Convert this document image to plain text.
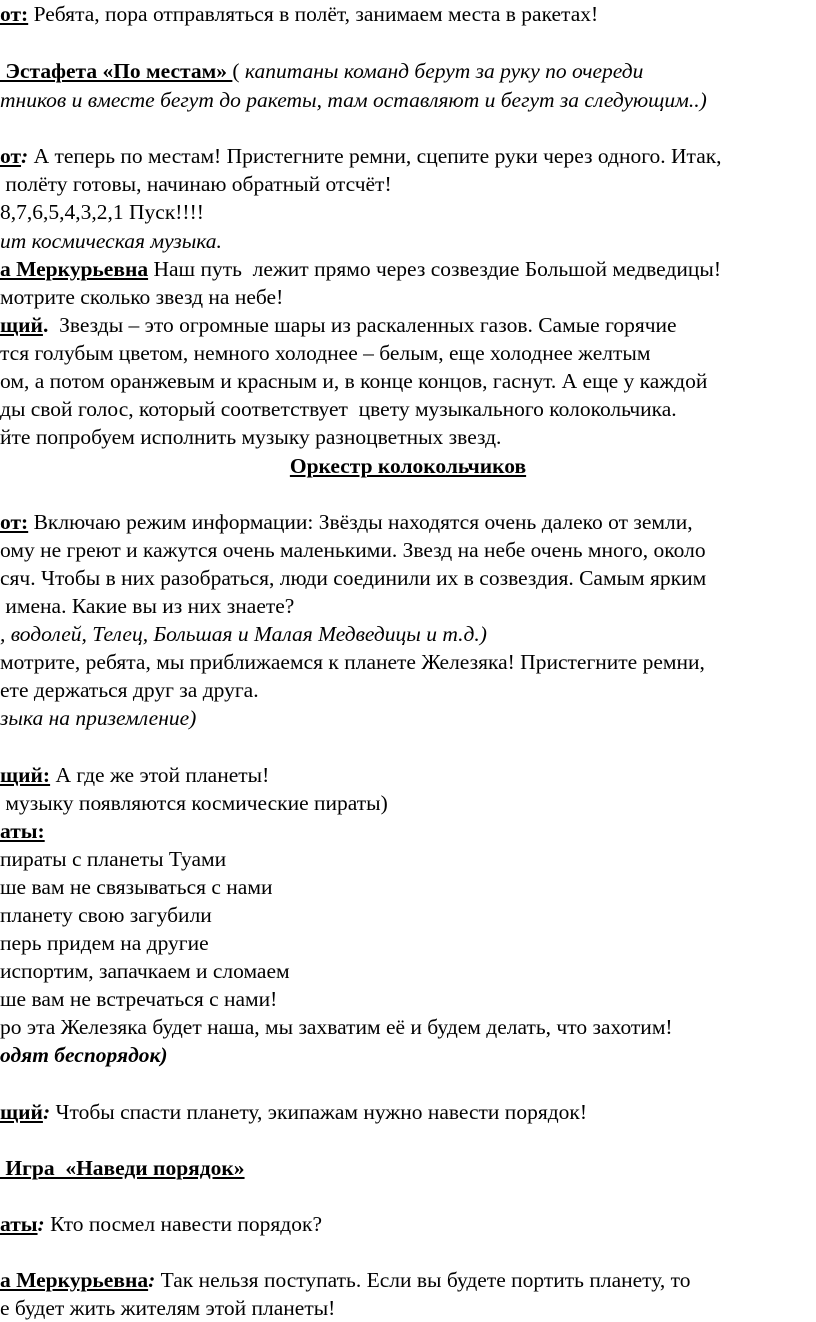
от: Ребята, пора отправляться в полёт, занимаем места в ракетах!
Эстафета «По местам» ( капитаны команд берут за руку по очереди
тников и вместе бегут до ракеты, там оставляют и бегут за следующим..)
от: А теперь по местам! Пристегните ремни, сцепите руки через одного. Итак,
полёту готовы, начинаю обратный отсчёт!
8,7,6,5,4,3,2,1 Пуск!!!!
ит космическая музыка.
а Меркурьевна Наш путь  лежит прямо через созвездие Большой медведицы!
мотрите сколько звезд на небе!
щий.  Звезды – это огромные шары из раскаленных газов. Самые горячие
тся голубым цветом, немного холоднее – белым, еще холоднее желтым
ом, а потом оранжевым и красным и, в конце концов, гаснут. А еще у каждой
ды свой голос, который соответствует  цвету музыкального колокольчика.
йте попробуем исполнить музыку разноцветных звезд.
Оркестр колокольчиков
от: Включаю режим информации: Звёзды находятся очень далеко от земли,
ому не греют и кажутся очень маленькими. Звезд на небе очень много, около
сяч. Чтобы в них разобраться, люди соединили их в созвездия. Самым ярким
имена. Какие вы из них знаете?
, водолей, Телец, Большая и Малая Медведицы и т.д.)
мотрите, ребята, мы приближаемся к планете Железяка! Пристегните ремни,
ете держаться друг за друга.
зыка на приземление)
щий: А где же этой планеты!
музыку появляются космические пираты)
аты:
пираты с планеты Туами
ше вам не связываться с нами
планету свою загубили
перь придем на другие
испортим, запачкаем и сломаем
ше вам не встречаться с нами!
ро эта Железяка будет наша, мы захватим её и будем делать, что захотим!
одят беспорядок)
щий: Чтобы спасти планету, экипажам нужно навести порядок!
Игра  «Наведи порядок»
аты: Кто посмел навести порядок?
а Меркурьевна: Так нельзя поступать. Если вы будете портить планету, то
е будет жить жителям этой планеты!
